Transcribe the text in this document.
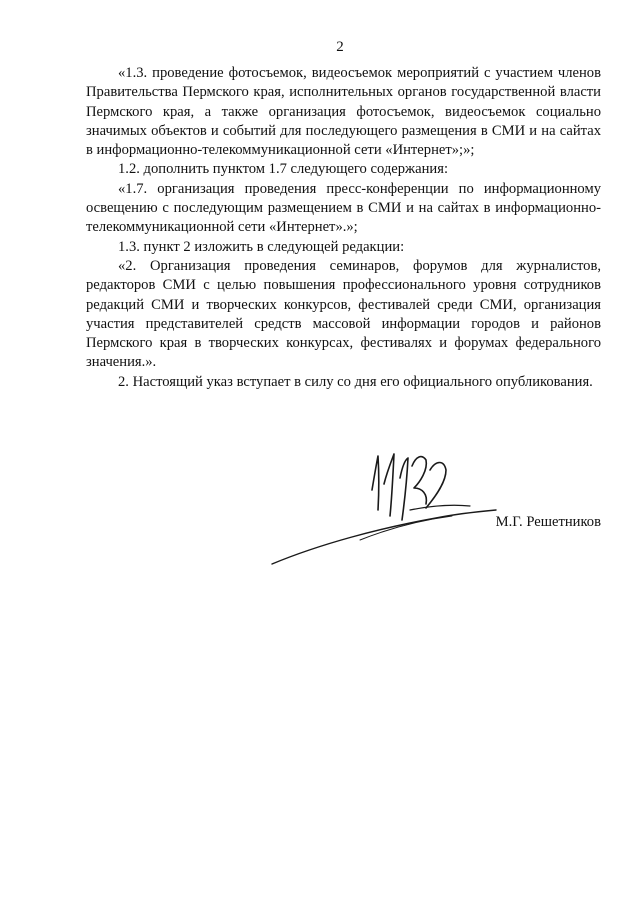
2

«1.3. проведение фотосъемок, видеосъемок мероприятий с участием членов Правительства Пермского края, исполнительных органов государственной власти Пермского края, а также организация фотосъемок, видеосъемок социально значимых объектов и событий для последующего размещения в СМИ и на сайтах в информационно-телекоммуникационной сети «Интернет»;»;

1.2. дополнить пунктом 1.7 следующего содержания:

«1.7. организация проведения пресс-конференции по информационному освещению с последующим размещением в СМИ и на сайтах в информационно-телекоммуникационной сети «Интернет».»;

1.3. пункт 2 изложить в следующей редакции:

«2. Организация проведения семинаров, форумов для журналистов, редакторов СМИ с целью повышения профессионального уровня сотрудников редакций СМИ и творческих конкурсов, фестивалей среди СМИ, организация участия представителей средств массовой информации городов и районов Пермского края в творческих конкурсах, фестивалях и форумах федерального значения.».

2. Настоящий указ вступает в силу со дня его официального опубликования.

М.Г. Решетников
